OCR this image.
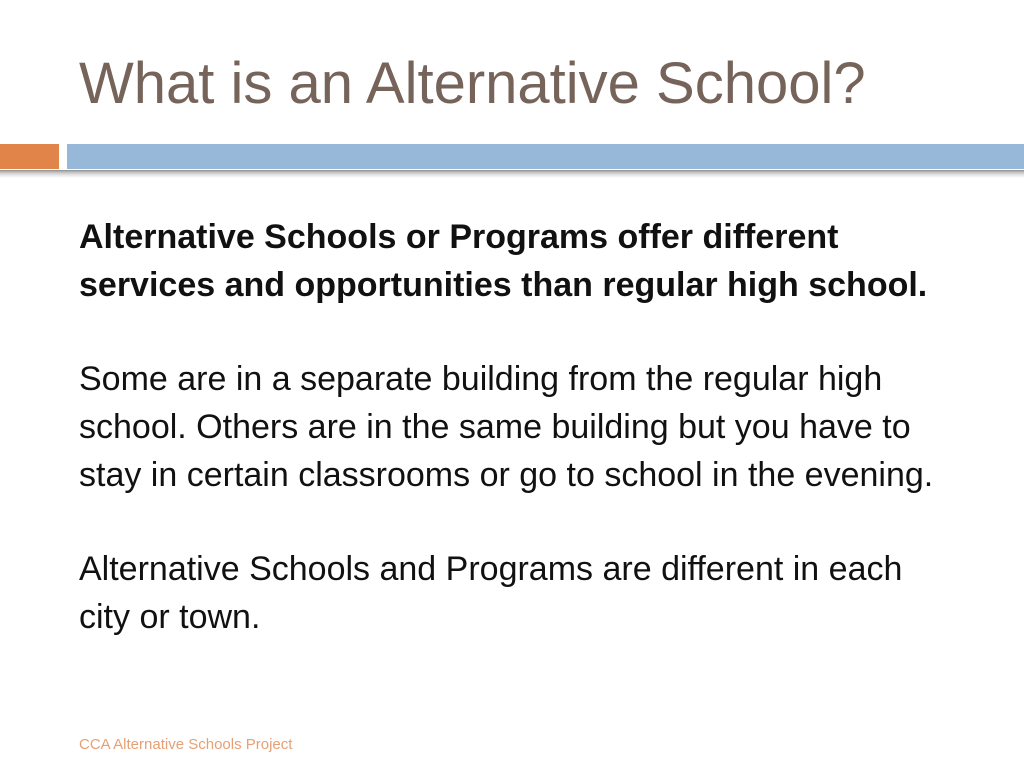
What is an Alternative School?

Alternative Schools or Programs offer different services and opportunities than regular high school.

Some are in a separate building from the regular high school. Others are in the same building but you have to stay in certain classrooms or go to school in the evening.

Alternative Schools and Programs are different in each city or town.

CCA Alternative Schools Project
